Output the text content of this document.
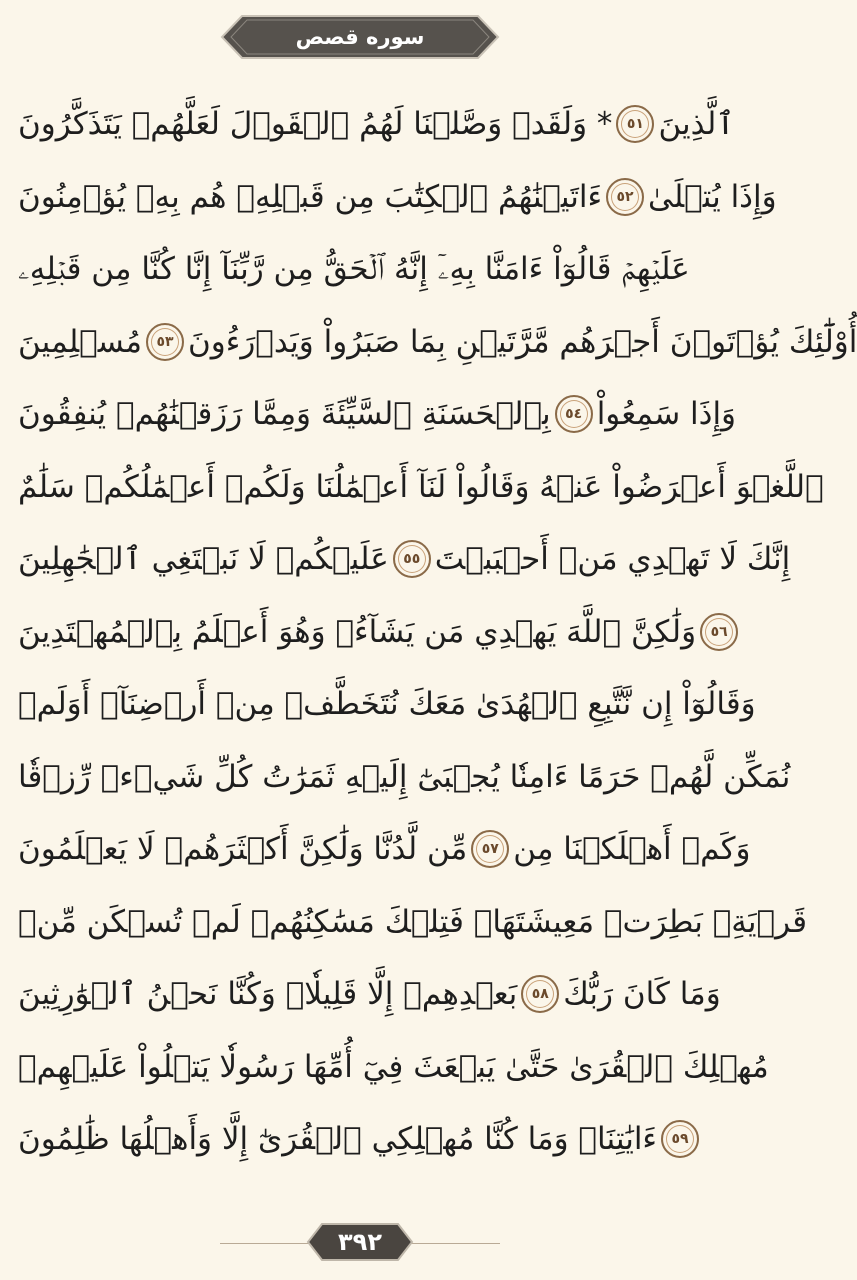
سوره قصص
* وَلَقَدۡ وَصَّلۡنَا لَهُمُ ٱلۡقَوۡلَ لَعَلَّهُمۡ يَتَذَكَّرُونَ	٥١ ٱلَّذِينَ
ءَاتَيۡنَٰهُمُ ٱلۡكِتَٰبَ مِن قَبۡلِهِۦ هُم بِهِۦ يُؤۡمِنُونَ	٥٢ وَإِذَا يُتۡلَىٰ
عَلَيۡهِمۡ قَالُوٓاْ ءَامَنَّا بِهِۦٓ إِنَّهُ ٱلۡحَقُّ مِن رَّبِّنَآ إِنَّا كُنَّا مِن قَبۡلِهِۦ
مُسۡلِمِينَ	٥٣ أُوْلَٰٓئِكَ يُؤۡتَوۡنَ أَجۡرَهُم مَّرَّتَيۡنِ بِمَا صَبَرُواْ وَيَدۡرَءُونَ
بِٱلۡحَسَنَةِ ٱلسَّيِّئَةَ وَمِمَّا رَزَقۡنَٰهُمۡ يُنفِقُونَ	٥٤ وَإِذَا سَمِعُواْ
ٱللَّغۡوَ أَعۡرَضُواْ عَنۡهُ وَقَالُواْ لَنَآ أَعۡمَٰلُنَا وَلَكُمۡ أَعۡمَٰلُكُمۡ سَلَٰمٌ
عَلَيۡكُمۡ لَا نَبۡتَغِي ٱلۡجَٰهِلِينَ	٥٥ إِنَّكَ لَا تَهۡدِي مَنۡ أَحۡبَبۡتَ
وَلَٰكِنَّ ٱللَّهَ يَهۡدِي مَن يَشَآءُۚ وَهُوَ أَعۡلَمُ بِٱلۡمُهۡتَدِينَ	٥٦
وَقَالُوٓاْ إِن نَّتَّبِعِ ٱلۡهُدَىٰ مَعَكَ نُتَخَطَّفۡ مِنۡ أَرۡضِنَآۚ أَوَلَمۡ
نُمَكِّن لَّهُمۡ حَرَمًا ءَامِنٗا يُجۡبَىٰٓ إِلَيۡهِ ثَمَرَٰتُ كُلِّ شَيۡءٖ رِّزۡقٗا
مِّن لَّدُنَّا وَلَٰكِنَّ أَكۡثَرَهُمۡ لَا يَعۡلَمُونَ	٥٧ وَكَمۡ أَهۡلَكۡنَا مِن
قَرۡيَةِۭ بَطِرَتۡ مَعِيشَتَهَاۖ فَتِلۡكَ مَسَٰكِنُهُمۡ لَمۡ تُسۡكَن مِّنۢ
بَعۡدِهِمۡ إِلَّا قَلِيلٗاۖ وَكُنَّا نَحۡنُ ٱلۡوَٰرِثِينَ	٥٨ وَمَا كَانَ رَبُّكَ
مُهۡلِكَ ٱلۡقُرَىٰ حَتَّىٰ يَبۡعَثَ فِيٓ أُمِّهَا رَسُولٗا يَتۡلُواْ عَلَيۡهِمۡ
ءَايَٰتِنَاۚ وَمَا كُنَّا مُهۡلِكِي ٱلۡقُرَىٰٓ إِلَّا وَأَهۡلُهَا ظَٰلِمُونَ	٥٩
٣٩٢
